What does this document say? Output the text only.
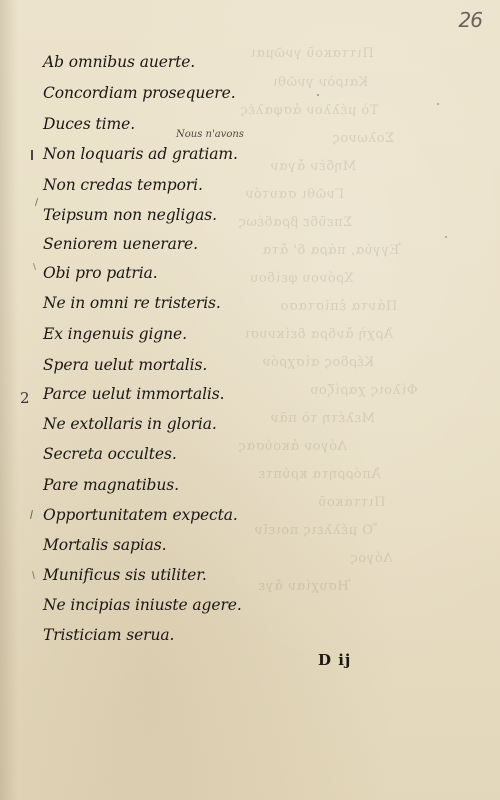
Πιττακοῦ γνῶμαι
Καιρὸν γνῶθι
Τὸ μέλλον ἀσφαλές
Σολωνος
Μηδὲν ἄγαν
Γνῶθι σαυτόν
Σπεῦδε βραδέως
Ἐγγύα, πάρα δ' ἄτα
Χρόνου φείδου
Πάντα ἐπίστασο
Ἀρχὴ ἄνδρα δείκνυσι
Κέρδος αἰσχρόν
Φίλοις χαρίζου
Μελέτη τὸ πᾶν
Λόγον ἀκούσας
Ἀπόρρητα κρύπτε
Πιττακοῦ
Ὃ μέλλεις ποιεῖν
Λόγος
Ἡσυχίαν ἄγε
26
Nous n'avons
2
Ab omnibus auerte.
Concordiam prosequere.
Duces time.
Non loquaris ad gratiam.
Non credas tempori.
Teipsum non negligas.
Seniorem uenerare.
Obi pro patria.
Ne in omni re tristeris.
Ex ingenuis gigne.
Spera uelut mortalis.
Parce uelut immortalis.
Ne extollaris in gloria.
Secreta occultes.
Pare magnatibus.
Opportunitatem expecta.
Mortalis sapias.
Munificus sis utiliter.
Ne incipias iniuste agere.
Tristiciam serua.
D ij
